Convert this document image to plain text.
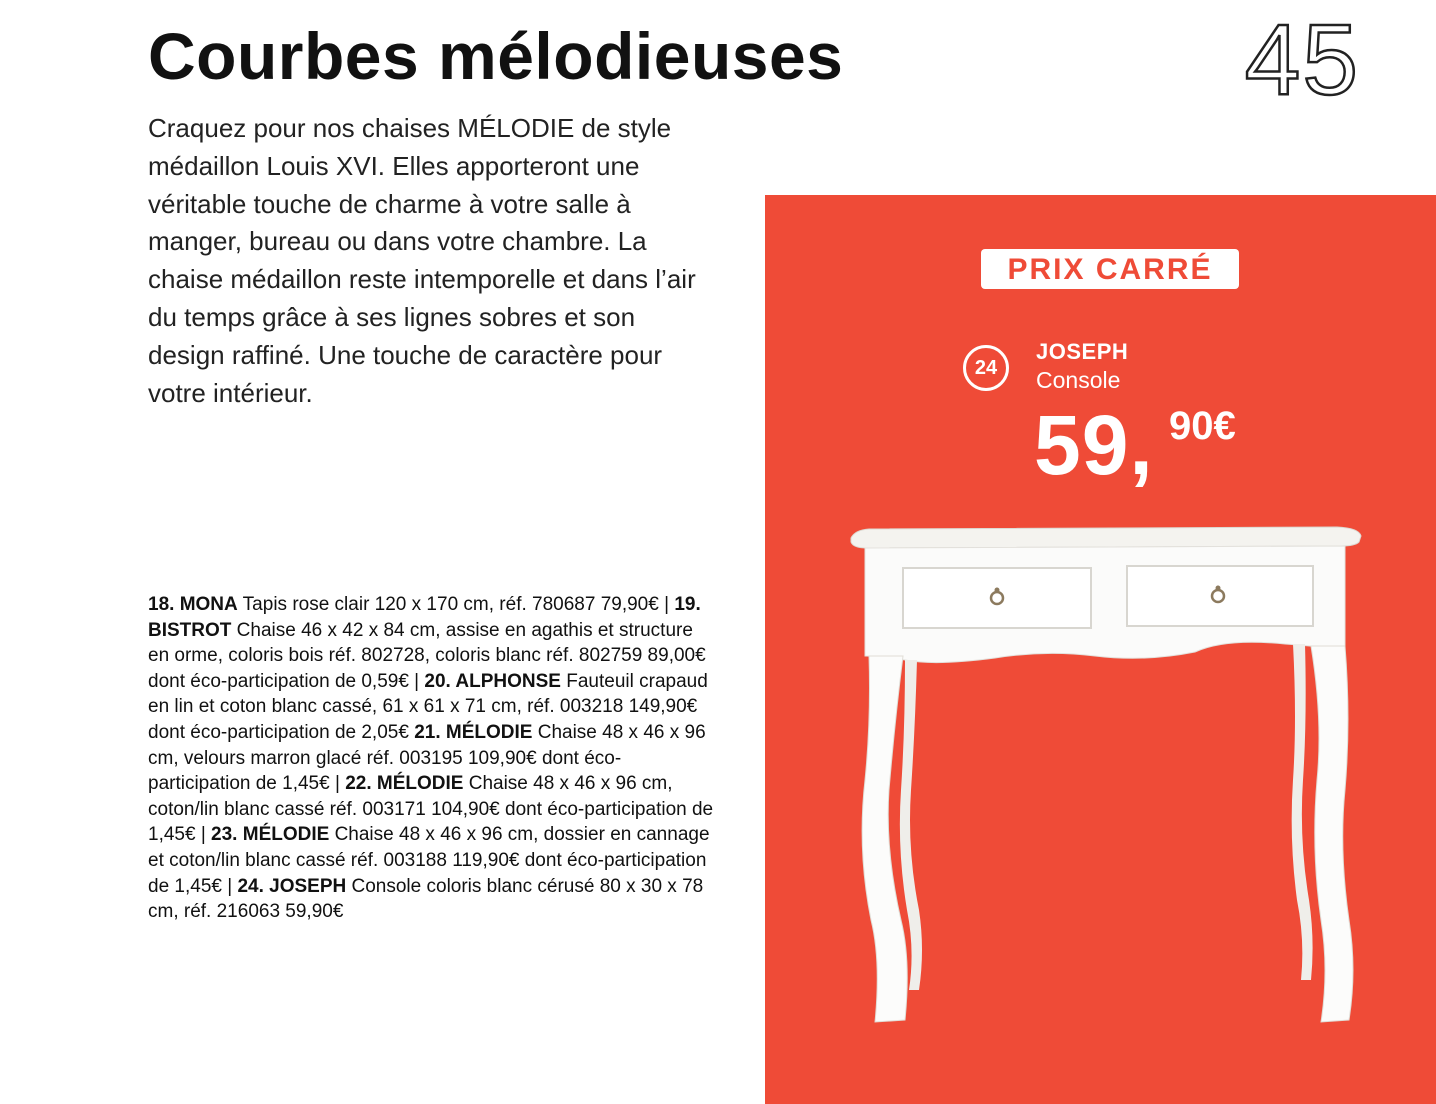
Courbes mélodieuses	45

Craquez pour nos chaises MÉLODIE de style médaillon Louis XVI. Elles apporteront une véritable touche de charme à votre salle à manger, bureau ou dans votre chambre. La chaise médaillon reste intemporelle et dans l’air du temps grâce à ses lignes sobres et son design raffiné. Une touche de caractère pour votre intérieur.

18. MONA Tapis rose clair 120 x 170 cm, réf. 780687 79,90€ | 19. BISTROT Chaise 46 x 42 x 84 cm, assise en agathis et structure en orme, coloris bois réf. 802728, coloris blanc réf. 802759 89,00€ dont éco-participation de 0,59€ | 20. ALPHONSE Fauteuil crapaud en lin et coton blanc cassé, 61 x 61 x 71 cm, réf. 003218 149,90€ dont éco-participation de 2,05€ 21. MÉLODIE Chaise 48 x 46 x 96 cm, velours marron glacé réf. 003195 109,90€ dont éco-participation de 1,45€ | 22. MÉLODIE Chaise 48 x 46 x 96 cm, coton/lin blanc cassé réf. 003171 104,90€ dont éco-participation de 1,45€ | 23. MÉLODIE Chaise 48 x 46 x 96 cm, dossier en cannage et coton/lin blanc cassé réf. 003188 119,90€ dont éco-participation de 1,45€ | 24. JOSEPH Console coloris blanc cérusé 80 x 30 x 78 cm, réf. 216063 59,90€

PRIX CARRÉ
24
JOSEPH
Console
59, 90€
